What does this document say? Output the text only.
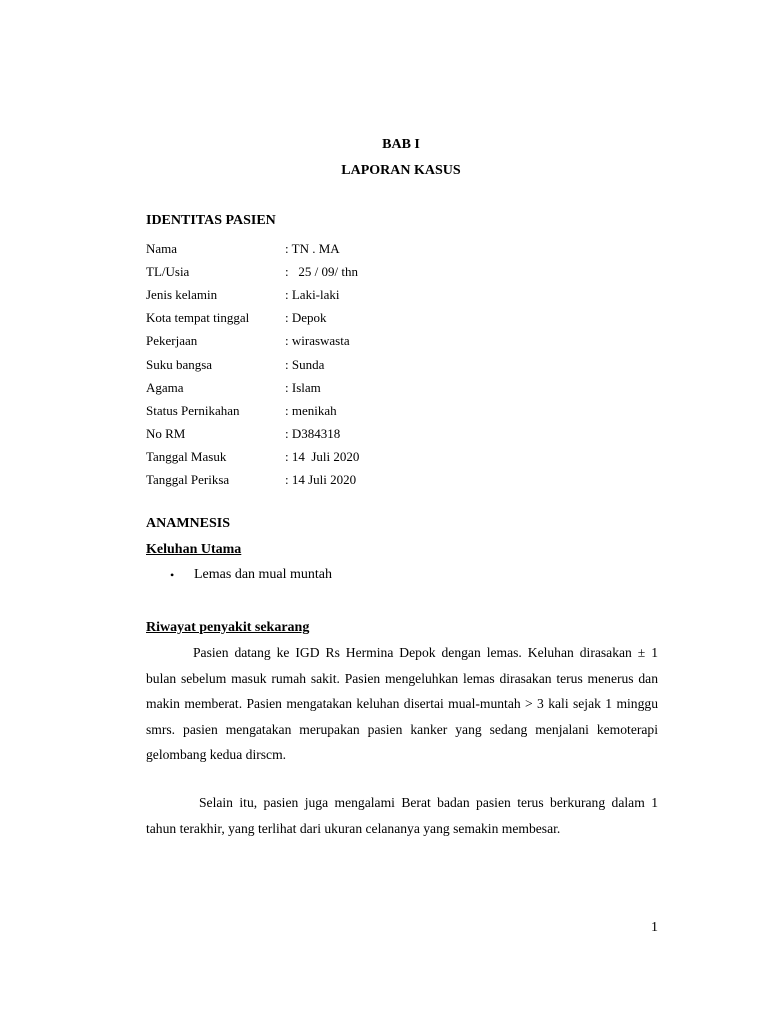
BAB I
LAPORAN KASUS
IDENTITAS PASIEN
Nama	: TN . MA
TL/Usia	:   25 / 09/ thn
Jenis kelamin	: Laki-laki
Kota tempat tinggal	: Depok
Pekerjaan	: wiraswasta
Suku bangsa	: Sunda
Agama	: Islam
Status Pernikahan	: menikah
No RM	: D384318
Tanggal Masuk	: 14  Juli 2020
Tanggal Periksa	: 14 Juli 2020
ANAMNESIS
Keluhan Utama
•	Lemas dan mual muntah
Riwayat penyakit sekarang
Pasien datang ke IGD Rs Hermina Depok dengan lemas. Keluhan dirasakan ± 1 bulan sebelum masuk rumah sakit. Pasien mengeluhkan lemas dirasakan terus menerus dan makin memberat. Pasien mengatakan keluhan disertai mual-muntah > 3 kali sejak 1 minggu smrs. pasien mengatakan merupakan pasien kanker yang sedang menjalani kemoterapi gelombang kedua dirscm.
Selain itu, pasien juga mengalami Berat badan pasien terus berkurang dalam 1 tahun terakhir, yang terlihat dari ukuran celananya yang semakin membesar.
1
